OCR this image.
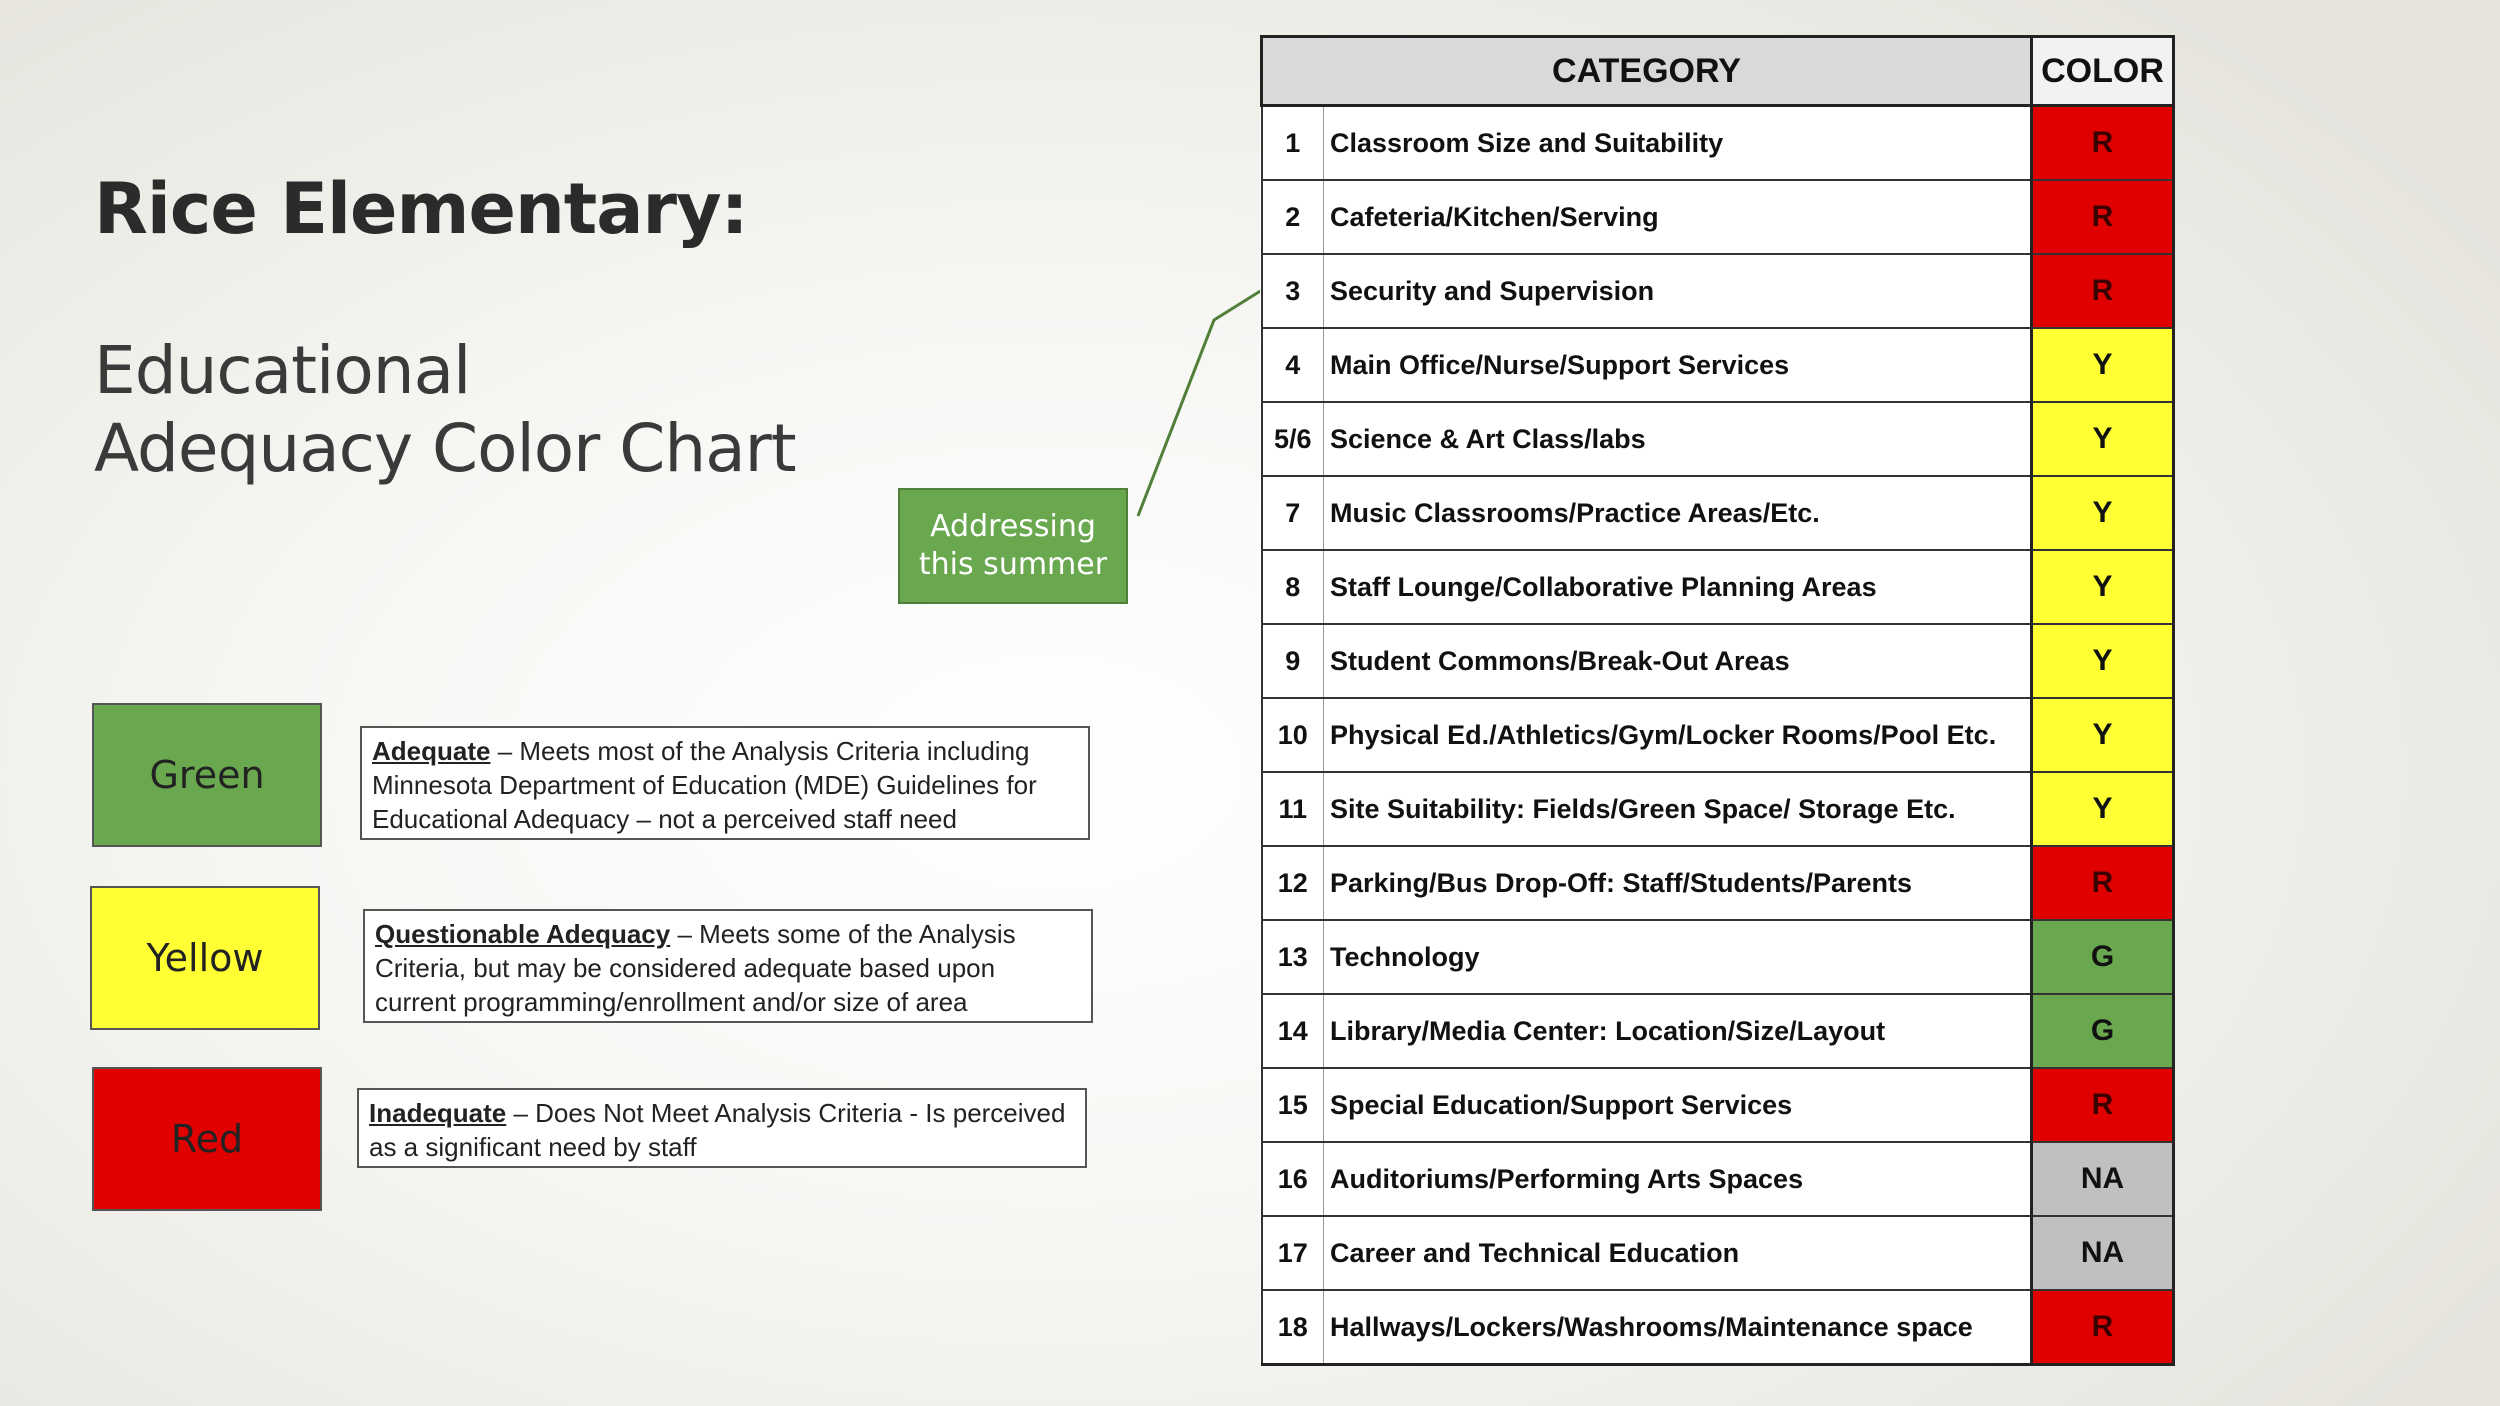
Rice Elementary:
Educational
Adequacy Color Chart
Addressing
this summer
Green
Adequate – Meets most of the Analysis Criteria including Minnesota Department of Education (MDE) Guidelines for Educational Adequacy – not a perceived staff need
Yellow
Questionable Adequacy – Meets some of the Analysis Criteria, but may be considered adequate based upon current programming/enrollment and/or size of area
Red
Inadequate – Does Not Meet Analysis Criteria - Is perceived as a significant need by staff
CATEGORY		COLOR
1	Classroom Size and Suitability	R
2	Cafeteria/Kitchen/Serving	R
3	Security and Supervision	R
4	Main Office/Nurse/Support Services	Y
5/6	Science & Art Class/labs	Y
7	Music Classrooms/Practice Areas/Etc.	Y
8	Staff Lounge/Collaborative Planning Areas	Y
9	Student Commons/Break-Out Areas	Y
10	Physical Ed./Athletics/Gym/Locker Rooms/Pool Etc.	Y
11	Site Suitability: Fields/Green Space/ Storage Etc.	Y
12	Parking/Bus Drop-Off: Staff/Students/Parents	R
13	Technology	G
14	Library/Media Center: Location/Size/Layout	G
15	Special Education/Support Services	R
16	Auditoriums/Performing Arts Spaces	NA
17	Career and Technical Education	NA
18	Hallways/Lockers/Washrooms/Maintenance space	R
